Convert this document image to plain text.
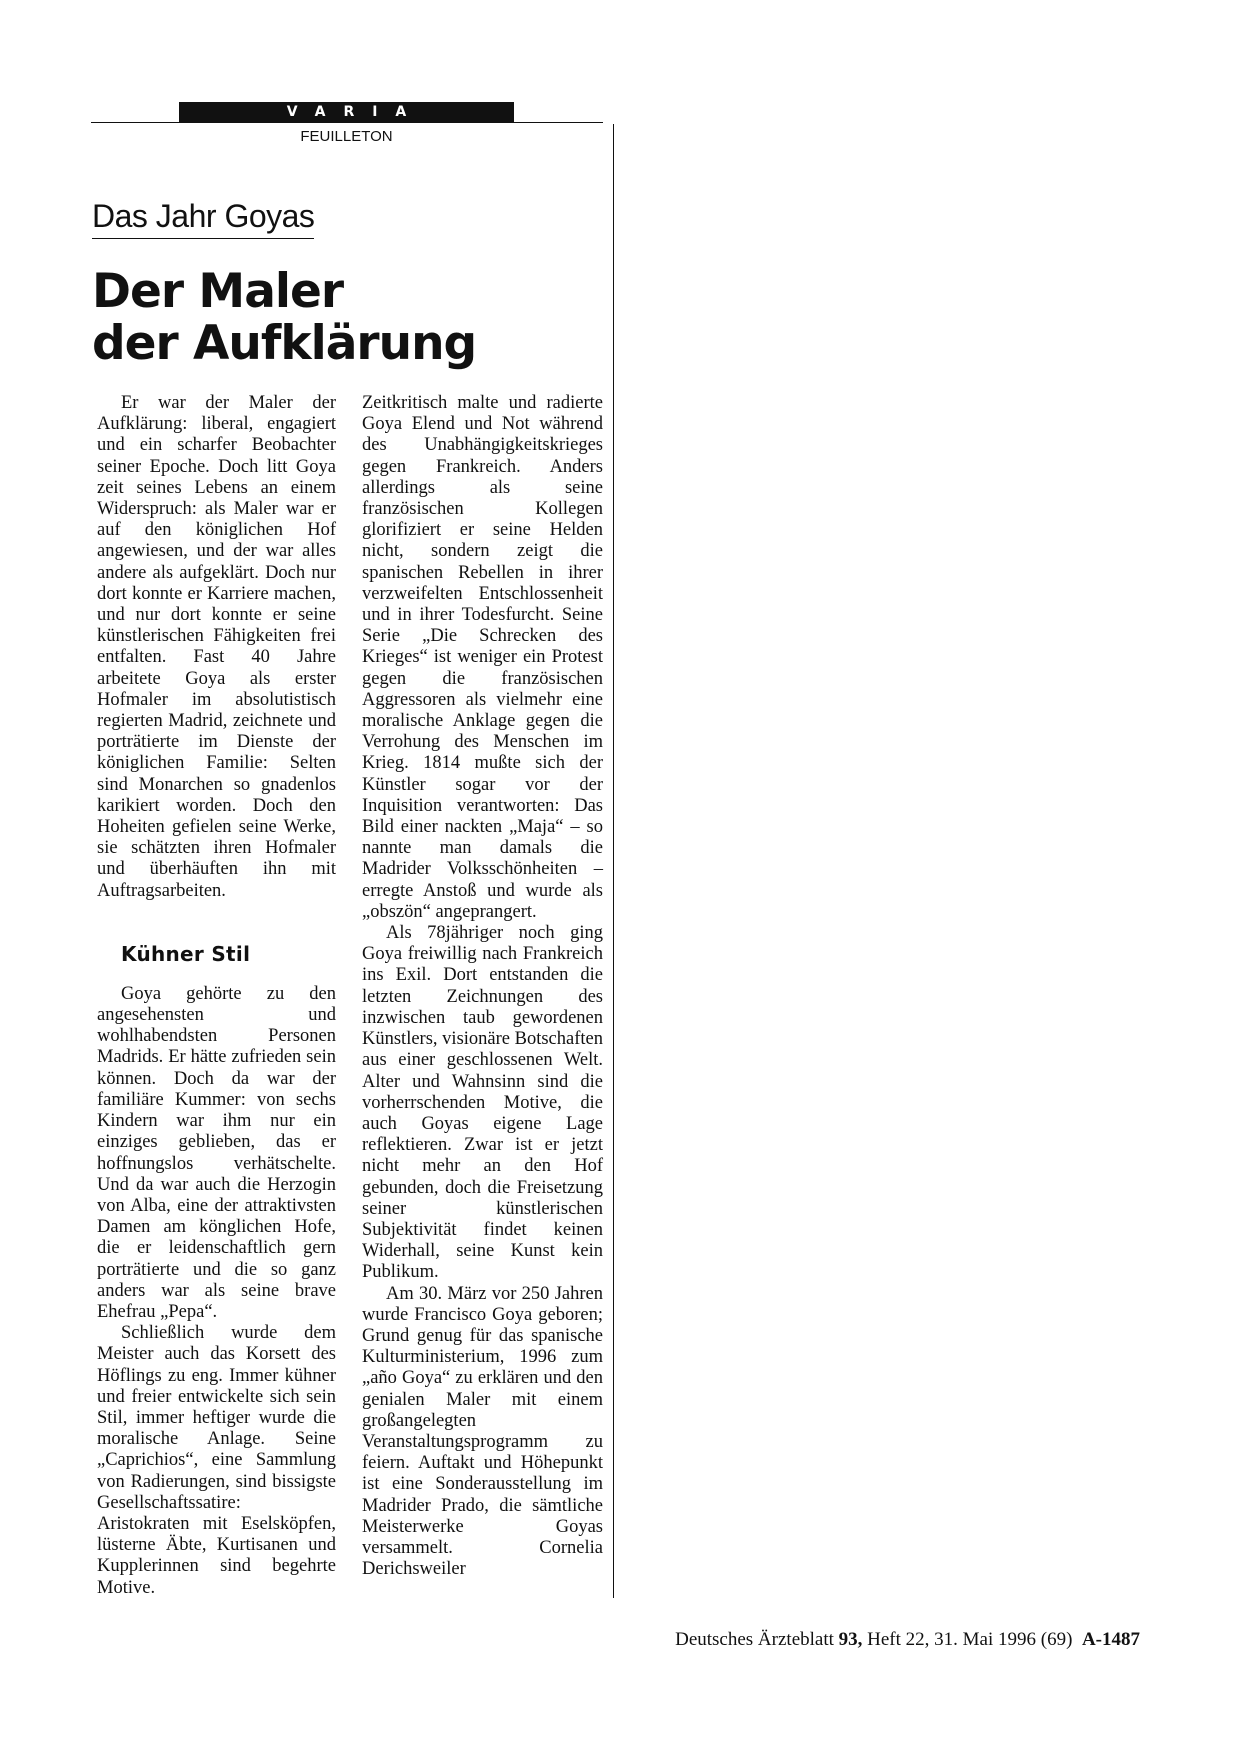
VARIA
FEUILLETON
Das Jahr Goyas
Der Maler
der Aufklärung

Er war der Maler der Aufklärung: liberal, engagiert und ein scharfer Beobachter seiner Epoche. Doch litt Goya zeit seines Lebens an einem Widerspruch: als Maler war er auf den königlichen Hof angewiesen, und der war alles andere als aufgeklärt. Doch nur dort konnte er Karriere machen, und nur dort konnte er seine künstlerischen Fähigkeiten frei entfalten. Fast 40 Jahre arbeitete Goya als erster Hofmaler im absolutistisch regierten Madrid, zeichnete und porträtierte im Dienste der königlichen Familie: Selten sind Monarchen so gnadenlos karikiert worden. Doch den Hoheiten gefielen seine Werke, sie schätzten ihren Hofmaler und überhäuften ihn mit Auftragsarbeiten.

Kühner Stil

Goya gehörte zu den angesehensten und wohlhabendsten Personen Madrids. Er hätte zufrieden sein können. Doch da war der familiäre Kummer: von sechs Kindern war ihm nur ein einziges geblieben, das er hoffnungslos verhätschelte. Und da war auch die Herzogin von Alba, eine der attraktivsten Damen am könglichen Hofe, die er leidenschaftlich gern porträtierte und die so ganz anders war als seine brave Ehefrau „Pepa“.

Schließlich wurde dem Meister auch das Korsett des Höflings zu eng. Immer kühner und freier entwickelte sich sein Stil, immer heftiger wurde die moralische Anlage. Seine „Caprichios“, eine Sammlung von Radierungen, sind bissigste Gesellschaftssatire: Aristokraten mit Eselsköpfen, lüsterne Äbte, Kurtisanen und Kupplerinnen sind begehrte Motive.

Zeitkritisch malte und radierte Goya Elend und Not während des Unabhängigkeitskrieges gegen Frankreich. Anders allerdings als seine französischen Kollegen glorifiziert er seine Helden nicht, sondern zeigt die spanischen Rebellen in ihrer verzweifelten Entschlossenheit und in ihrer Todesfurcht. Seine Serie „Die Schrecken des Krieges“ ist weniger ein Protest gegen die französischen Aggressoren als vielmehr eine moralische Anklage gegen die Verrohung des Menschen im Krieg. 1814 mußte sich der Künstler sogar vor der Inquisition verantworten: Das Bild einer nackten „Maja“ – so nannte man damals die Madrider Volksschönheiten – erregte Anstoß und wurde als „obszön“ angeprangert.

Als 78jähriger noch ging Goya freiwillig nach Frankreich ins Exil. Dort entstanden die letzten Zeichnungen des inzwischen taub gewordenen Künstlers, visionäre Botschaften aus einer geschlossenen Welt. Alter und Wahnsinn sind die vorherrschenden Motive, die auch Goyas eigene Lage reflektieren. Zwar ist er jetzt nicht mehr an den Hof gebunden, doch die Freisetzung seiner künstlerischen Subjektivität findet keinen Widerhall, seine Kunst kein Publikum.

Am 30. März vor 250 Jahren wurde Francisco Goya geboren; Grund genug für das spanische Kulturministerium, 1996 zum „año Goya“ zu erklären und den genialen Maler mit einem großangelegten Veranstaltungsprogramm zu feiern. Auftakt und Höhepunkt ist eine Sonderausstellung im Madrider Prado, die sämtliche Meisterwerke Goyas versammelt.	Cornelia Derichsweiler

Deutsches Ärzteblatt 93, Heft 22, 31. Mai 1996 (69) A-1487
